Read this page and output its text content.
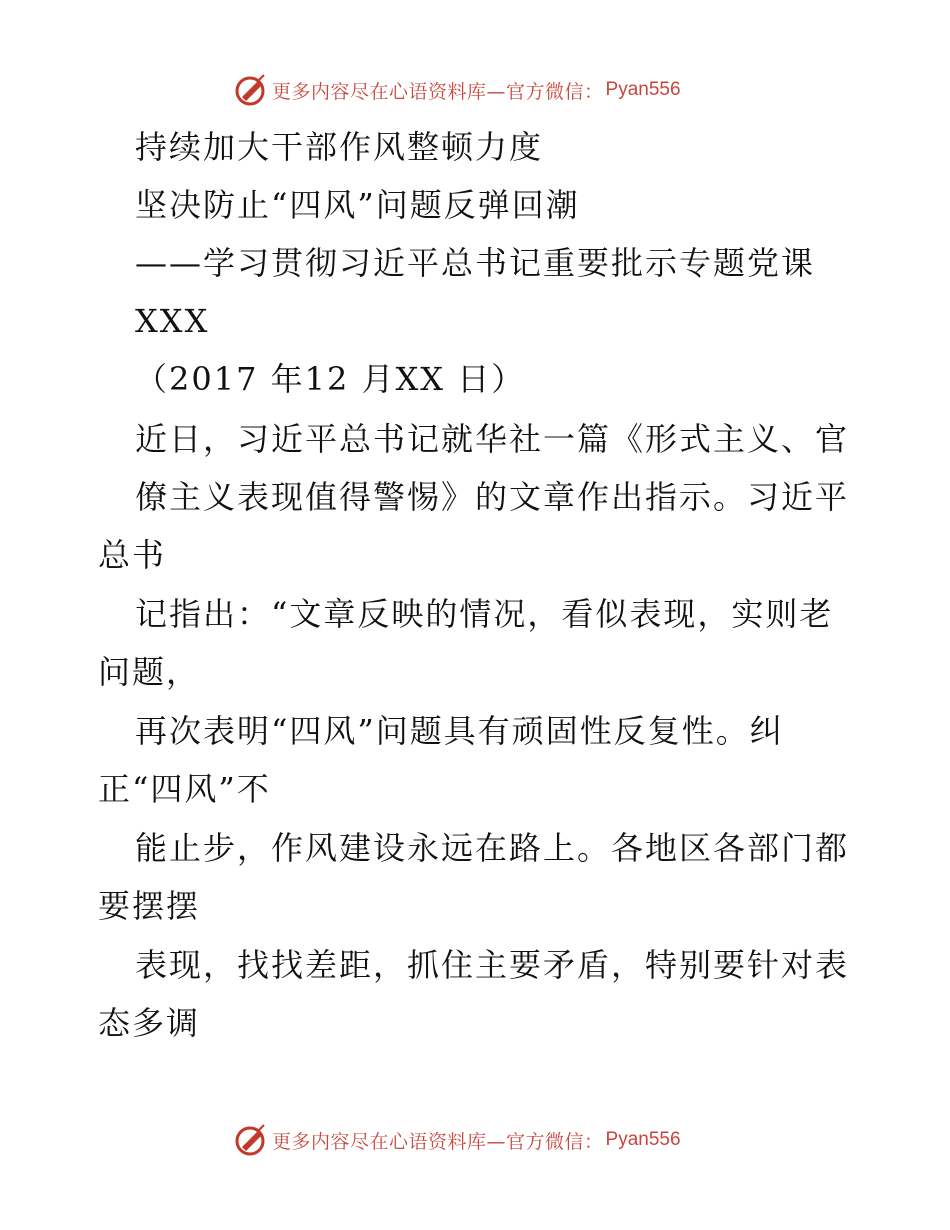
更多内容尽在心语资料库—官方微信： Pyan556
持续加大干部作风整顿力度
坚决防止“四风”问题反弹回潮
——学习贯彻习近平总书记重要批示专题党课
XXX
（2017 年12 月XX 日）
近日，习近平总书记就华社一篇《形式主义、官
僚主义表现值得警惕》的文章作出指示。习近平
总书
记指出：“文章反映的情况，看似表现，实则老
问题，
再次表明“四风”问题具有顽固性反复性。纠
正“四风”不
能止步，作风建设永远在路上。各地区各部门都
要摆摆
表现，找找差距，抓住主要矛盾，特别要针对表
态多调
更多内容尽在心语资料库—官方微信： Pyan556
